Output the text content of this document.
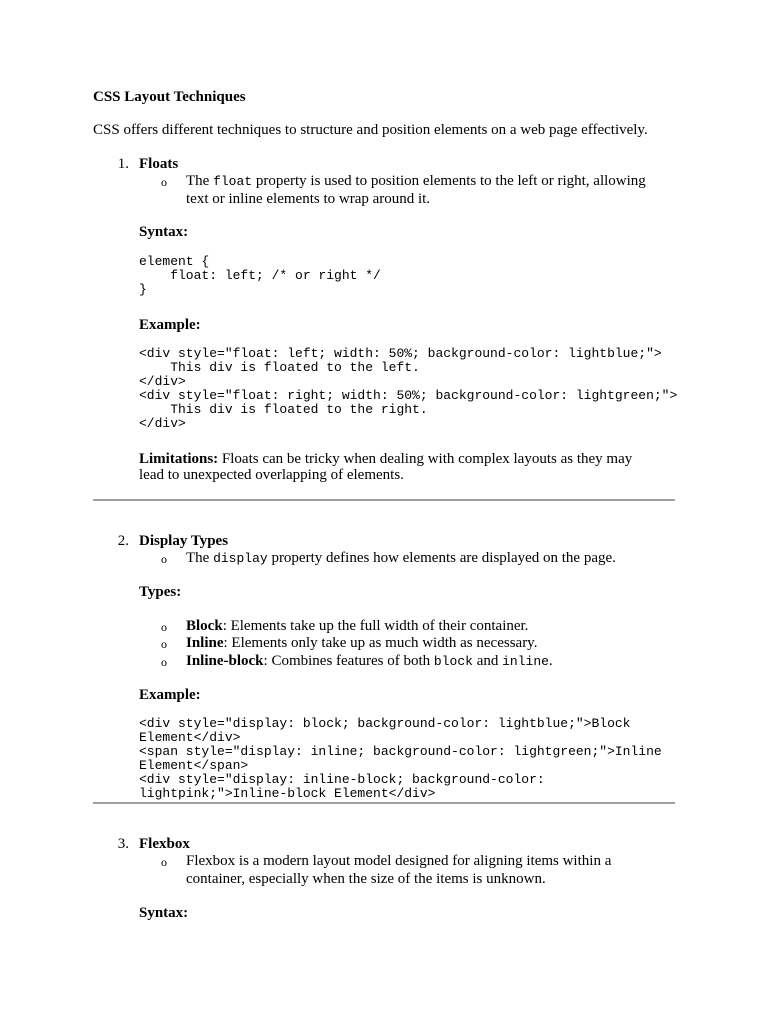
CSS Layout Techniques
CSS offers different techniques to structure and position elements on a web page effectively.
1. Floats
o The float property is used to position elements to the left or right, allowing
text or inline elements to wrap around it.
Syntax:
element {
float: left; /* or right */
}
Example:
<div style="float: left; width: 50%; background-color: lightblue;">
This div is floated to the left.
</div>
<div style="float: right; width: 50%; background-color: lightgreen;">
This div is floated to the right.
</div>
Limitations: Floats can be tricky when dealing with complex layouts as they may
lead to unexpected overlapping of elements.
2. Display Types
o The display property defines how elements are displayed on the page.
Types:
o Block: Elements take up the full width of their container.
o Inline: Elements only take up as much width as necessary.
o Inline-block: Combines features of both block and inline.
Example:
<div style="display: block; background-color: lightblue;">Block
Element</div>
<span style="display: inline; background-color: lightgreen;">Inline
Element</span>
<div style="display: inline-block; background-color:
lightpink;">Inline-block Element</div>
3. Flexbox
o Flexbox is a modern layout model designed for aligning items within a
container, especially when the size of the items is unknown.
Syntax:
